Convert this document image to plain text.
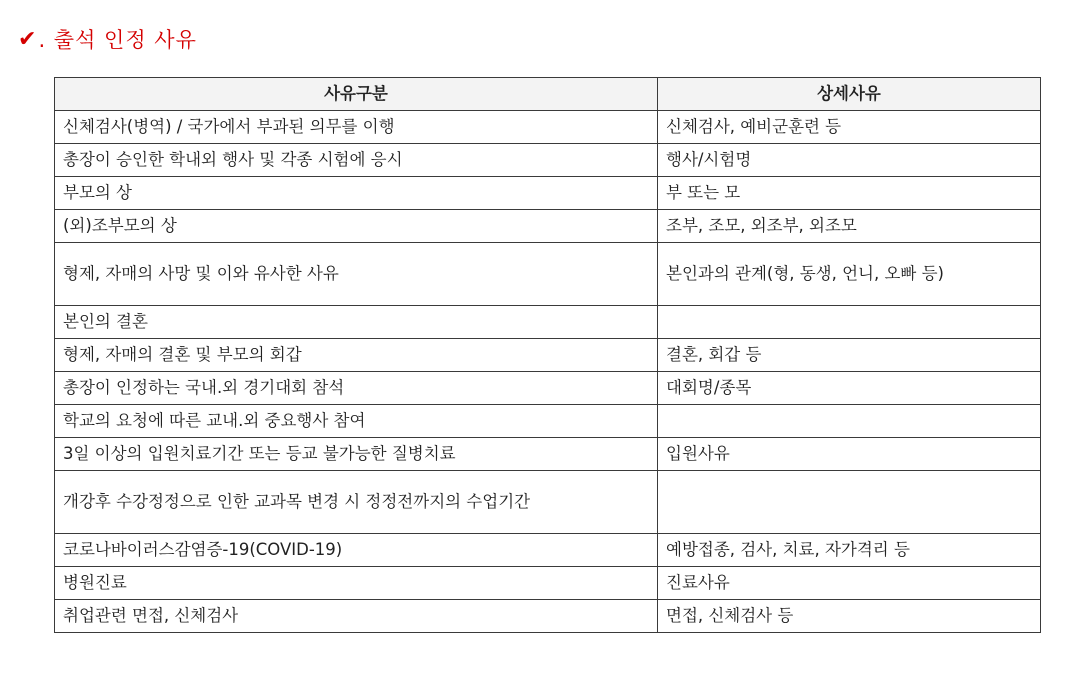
✔ . 출석 인정 사유
사유구분	상세사유
신체검사(병역) / 국가에서 부과된 의무를 이행	신체검사, 예비군훈련 등
총장이 승인한 학내외 행사 및 각종 시험에 응시	행사/시험명
부모의 상	부 또는 모
(외)조부모의 상	조부, 조모, 외조부, 외조모
형제, 자매의 사망 및 이와 유사한 사유	본인과의 관계(형, 동생, 언니, 오빠 등)
본인의 결혼	
형제, 자매의 결혼 및 부모의 회갑	결혼, 회갑 등
총장이 인정하는 국내.외 경기대회 참석	대회명/종목
학교의 요청에 따른 교내.외 중요행사 참여	
3일 이상의 입원치료기간 또는 등교 불가능한 질병치료	입원사유
개강후 수강정정으로 인한 교과목 변경 시 정정전까지의 수업기간	
코로나바이러스감염증-19(COVID-19)	예방접종, 검사, 치료, 자가격리 등
병원진료	진료사유
취업관련 면접, 신체검사	면접, 신체검사 등
